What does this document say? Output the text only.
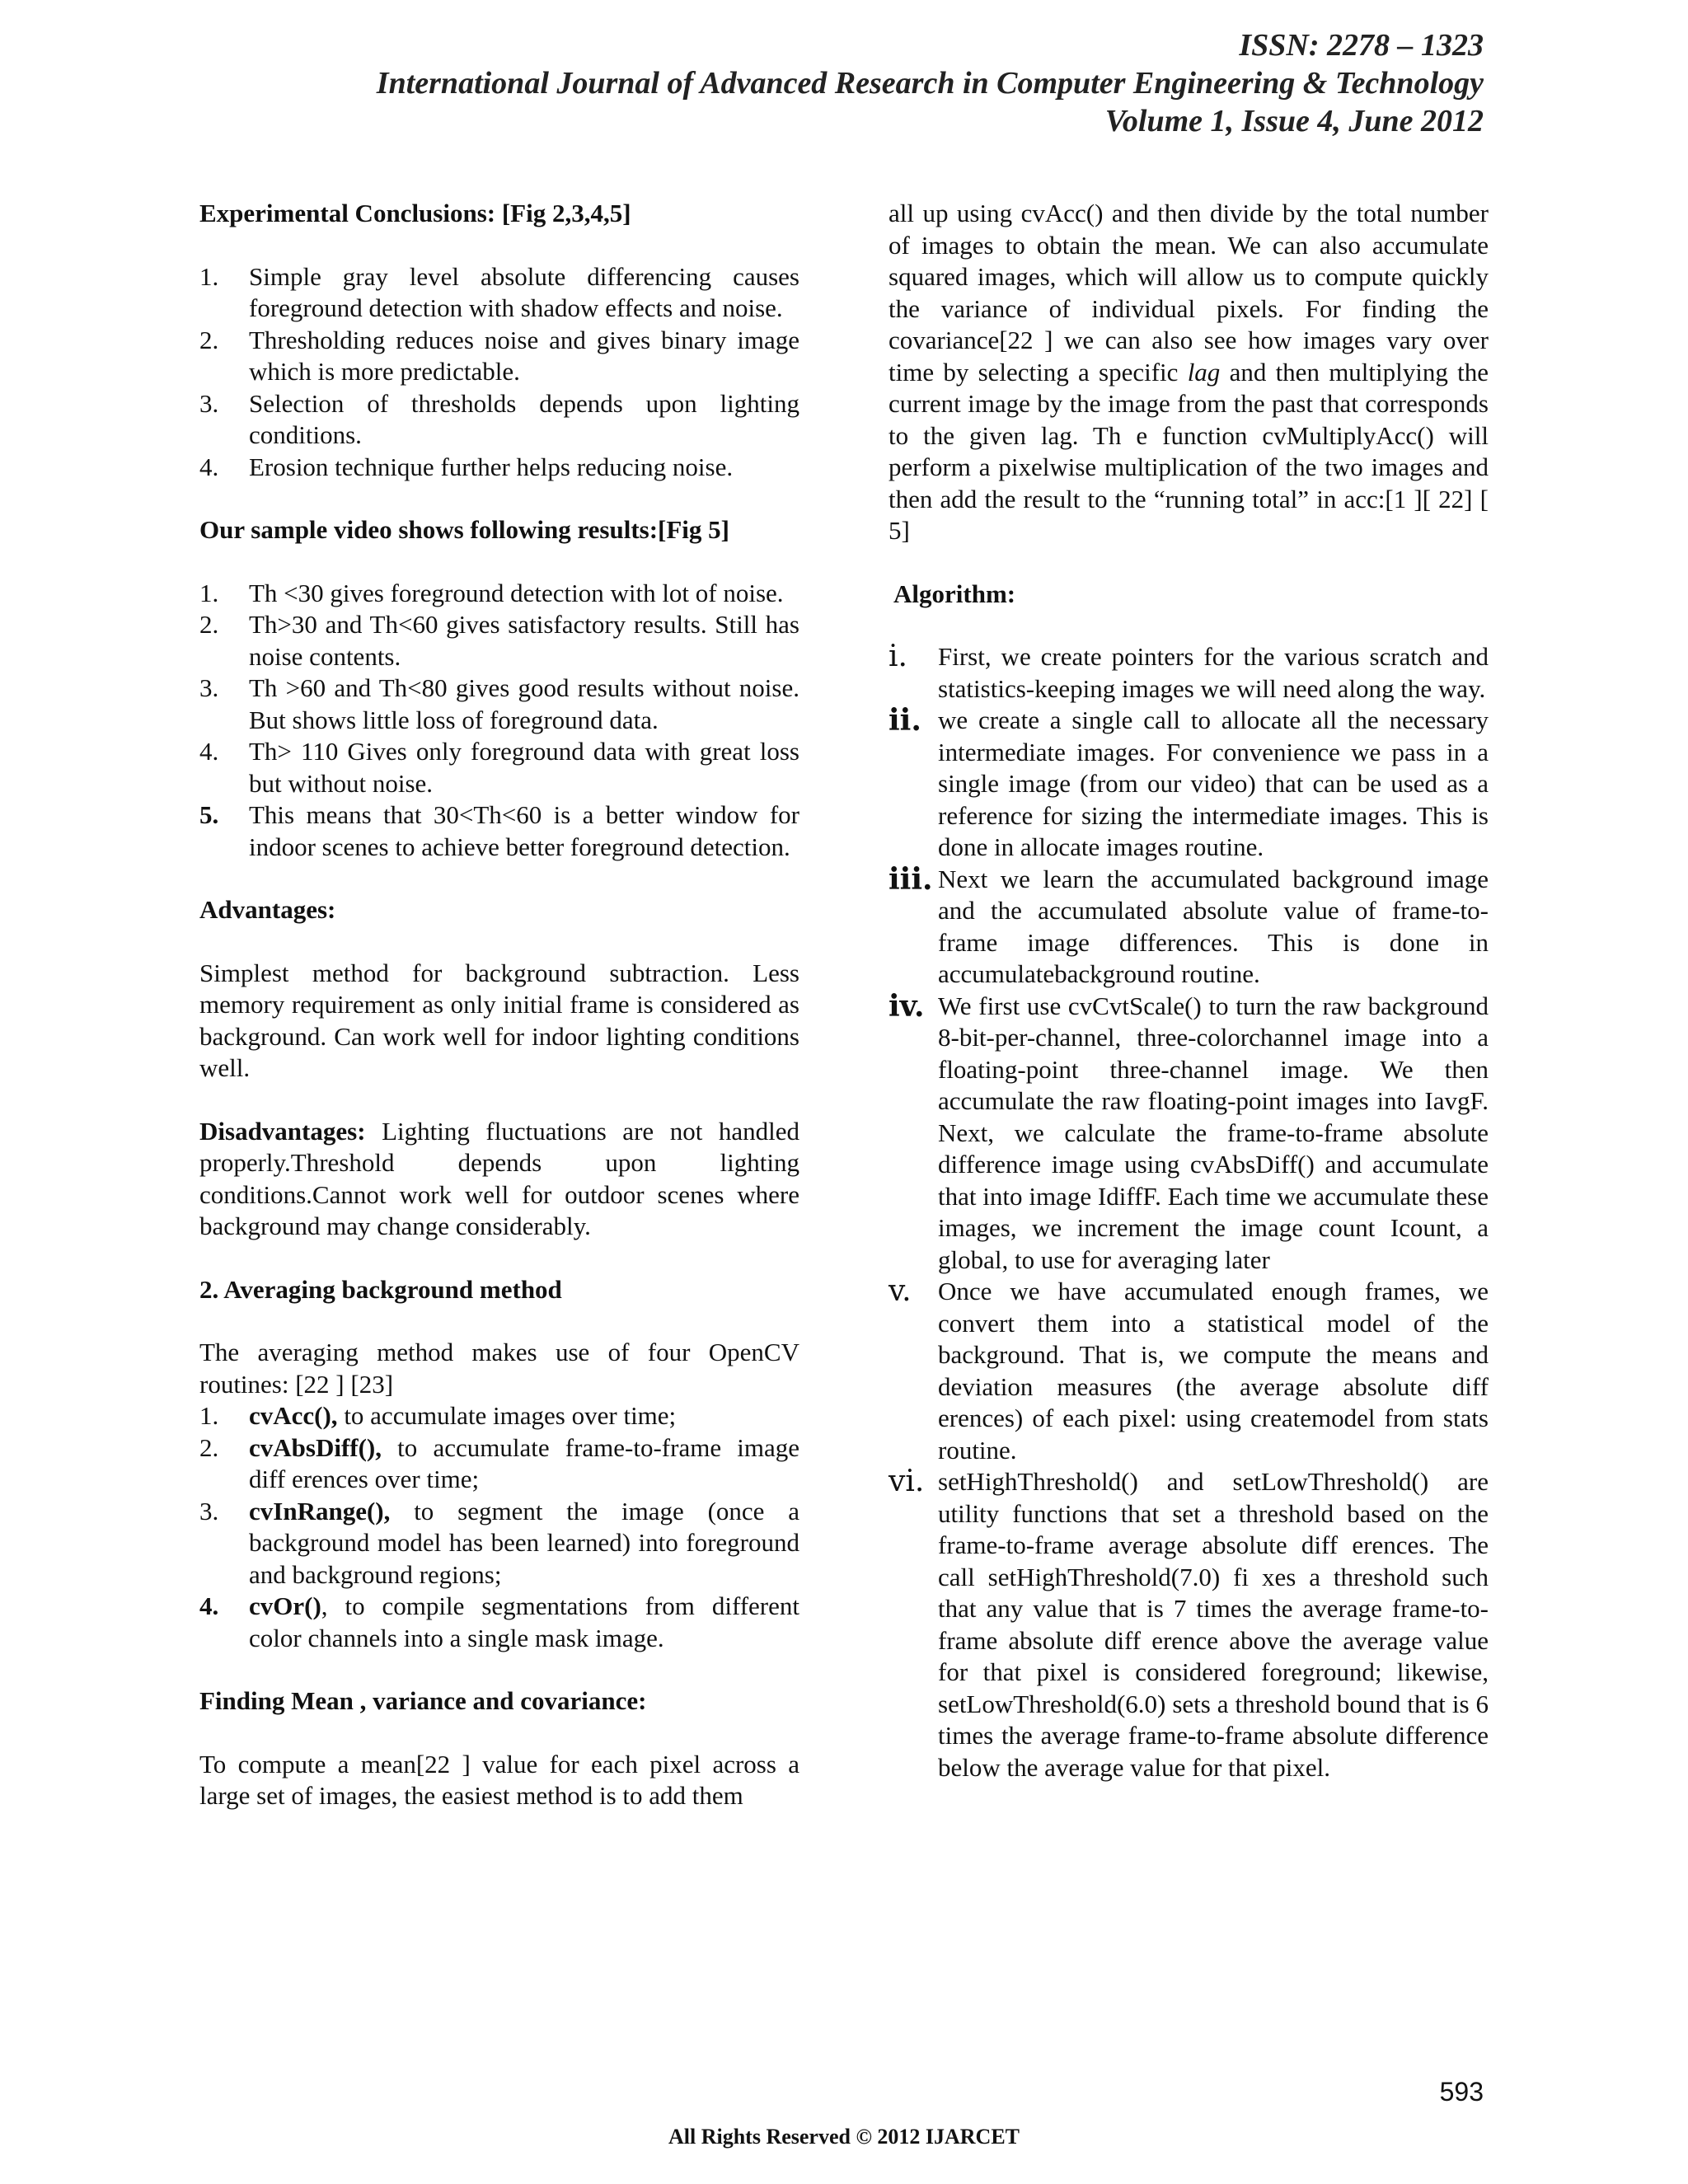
ISSN: 2278 – 1323
International Journal of Advanced Research in Computer Engineering & Technology
Volume 1, Issue 4, June 2012
Experimental Conclusions: [Fig 2,3,4,5]
1.	Simple gray level absolute differencing causes foreground detection with shadow effects and noise.
2.	Thresholding reduces noise and gives binary image which is more predictable.
3.	Selection of thresholds depends upon lighting conditions.
4.	Erosion technique further helps reducing noise.
Our sample video shows following results:[Fig 5]
1.	Th <30 gives foreground detection with lot of noise.
2.	Th>30 and Th<60 gives satisfactory results. Still has noise contents.
3.	Th >60 and Th<80 gives good results without noise. But shows little loss of foreground data.
4.	Th> 110 Gives only foreground data with great loss but without noise.
5.	This means that 30<Th<60 is a better window for indoor scenes to achieve better foreground detection.
Advantages:

Simplest method for background subtraction. Less memory requirement as only initial frame is considered as background. Can work well for indoor lighting conditions well.

Disadvantages: Lighting fluctuations are not handled properly.Threshold depends upon lighting conditions.Cannot work well for outdoor scenes where background may change considerably.

2. Averaging background method

The averaging method makes use of four OpenCV routines: [22 ] [23]

1.	cvAcc(), to accumulate images over time;
2.	cvAbsDiff(), to accumulate frame-to-frame image diff erences over time;
3.	cvInRange(), to segment the image (once a background model has been learned) into foreground and background regions;
4.	cvOr(), to compile segmentations from different color channels into a single mask image.
Finding Mean , variance and covariance:

To compute a mean[22 ] value for each pixel across a large set of images, the easiest method is to add them

all up using cvAcc() and then divide by the total number of images to obtain the mean. We can also accumulate squared images, which will allow us to compute quickly the variance of individual pixels. For finding the covariance[22 ] we can also see how images vary over time by selecting a specific lag and then multiplying the current image by the image from the past that corresponds to the given lag. Th e function cvMultiplyAcc() will perform a pixelwise multiplication of the two images and then add the result to the “running total” in acc:[1 ][ 22] [ 5]

Algorithm:
i.	First, we create pointers for the various scratch and statistics-keeping images we will need along the way.
ii. we create a single call to allocate all the necessary intermediate images. For convenience we pass in a single image (from our video) that can be used as a reference for sizing the intermediate images. This is done in allocate images routine.
iii. Next we learn the accumulated background image and the accumulated absolute value of frame-to-frame image differences. This is done in accumulatebackground routine.
iv. We first use cvCvtScale() to turn the raw background 8-bit-per-channel, three-colorchannel image into a floating-point three-channel image. We then accumulate the raw floating-point images into IavgF. Next, we calculate the frame-to-frame absolute difference image using cvAbsDiff() and accumulate that into image IdiffF. Each time we accumulate these images, we increment the image count Icount, a global, to use for averaging later
v.	Once we have accumulated enough frames, we convert them into a statistical model of the background. That is, we compute the means and deviation measures (the average absolute diff erences) of each pixel: using createmodel from stats routine.
vi. setHighThreshold() and setLowThreshold() are utility functions that set a threshold based on the frame-to-frame average absolute diff erences. The call setHighThreshold(7.0) fi xes a threshold such that any value that is 7 times the average frame-to-frame absolute diff erence above the average value for that pixel is considered foreground; likewise, setLowThreshold(6.0) sets a threshold bound that is 6 times the average frame-to-frame absolute difference below the average value for that pixel.
593
All Rights Reserved © 2012 IJARCET
